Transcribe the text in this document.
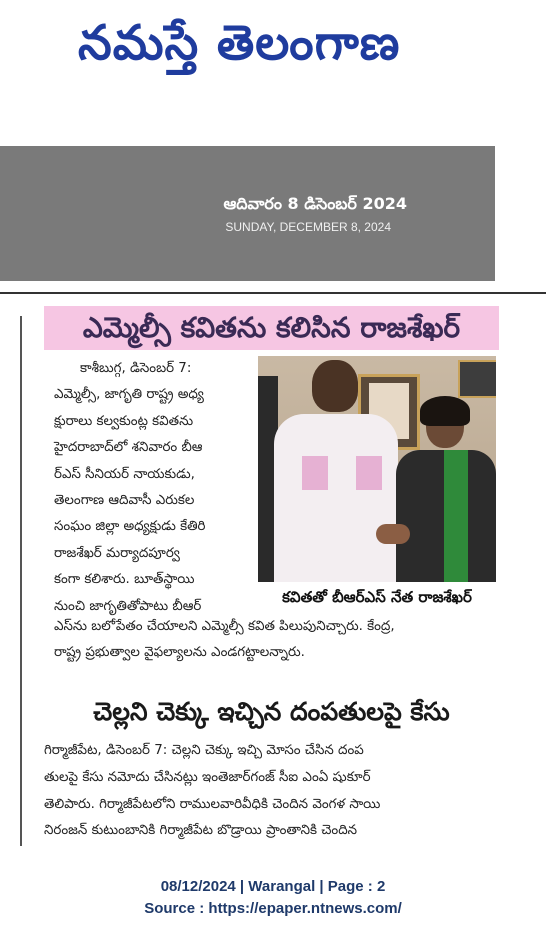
నమస్తే తెలంగాణ
ఆదివారం 8 డిసెంబర్ 2024
SUNDAY, DECEMBER 8, 2024
ఎమ్మెల్సీ కవితను కలిసిన రాజశేఖర్
కాశీబుగ్గ, డిసెంబర్ 7:
ఎమ్మెల్సీ, జాగృతి రాష్ట్ర అధ్య
క్షురాలు కల్వకుంట్ల కవితను
హైదరాబాద్‌లో శనివారం బీఆ
ర్‌ఎస్ సీనియర్ నాయకుడు,
తెలంగాణ ఆదివాసీ ఎరుకల
సంఘం జిల్లా అధ్యక్షుడు కేతిరి
రాజశేఖర్ మర్యాదపూర్వ
కంగా కలిశారు. బూత్‌స్థాయి
నుంచి జాగృతితోపాటు బీఆర్
కవితతో బీఆర్‌ఎస్ నేత రాజశేఖర్
ఎస్‌ను బలోపేతం చేయాలని ఎమ్మెల్సీ కవిత పిలుపునిచ్చారు. కేంద్ర,
రాష్ట్ర ప్రభుత్వాల వైఫల్యాలను ఎండగట్టాలన్నారు.
చెల్లని చెక్కు ఇచ్చిన దంపతులపై కేసు
గిర్మాజీపేట, డిసెంబర్ 7: చెల్లని చెక్కు ఇచ్చి మోసం చేసిన దంప
తులపై కేసు నమోదు చేసినట్లు ఇంతెజార్‌గంజ్ సీఐ ఎంఏ షుకూర్
తెలిపారు. గిర్మాజీపేటలోని రాములవారివీధికి చెందిన వెంగళ సాయి
నిరంజన్ కుటుంబానికి గిర్మాజీపేట బొడ్రాయి ప్రాంతానికి చెందిన
08/12/2024 | Warangal | Page : 2
Source : https://epaper.ntnews.com/
